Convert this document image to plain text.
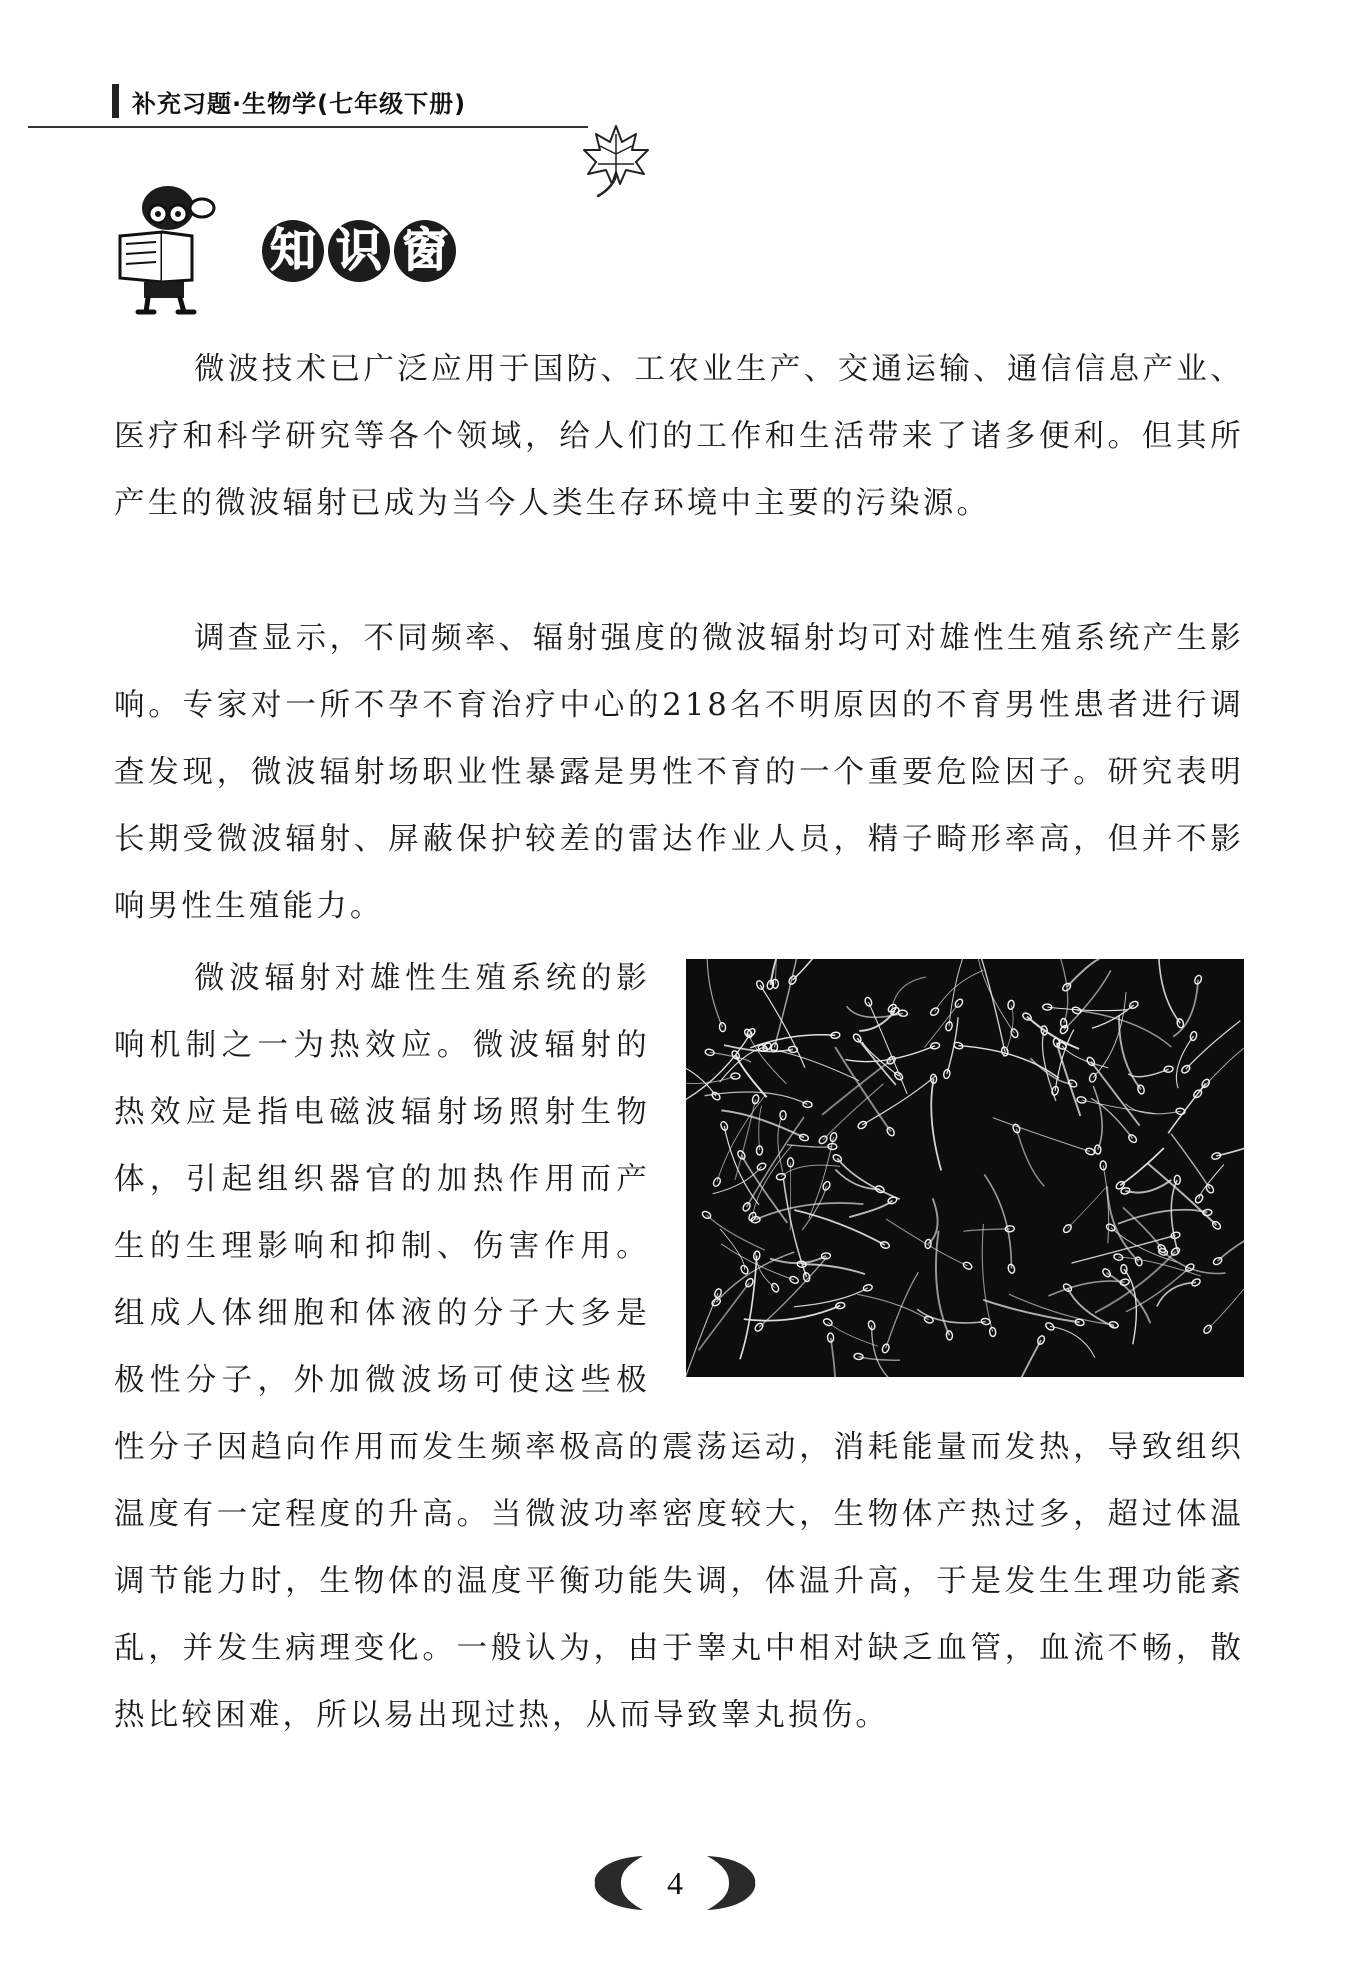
补充习题·生物学(七年级下册)
知 识 窗

微波技术已广泛应用于国防、工农业生产、交通运输、通信信息产业、医疗和科学研究等各个领域，给人们的工作和生活带来了诸多便利。但其所产生的微波辐射已成为当今人类生存环境中主要的污染源。

调查显示，不同频率、辐射强度的微波辐射均可对雄性生殖系统产生影响。专家对一所不孕不育治疗中心的218名不明原因的不育男性患者进行调查发现，微波辐射场职业性暴露是男性不育的一个重要危险因子。研究表明长期受微波辐射、屏蔽保护较差的雷达作业人员，精子畸形率高，但并不影响男性生殖能力。

微波辐射对雄性生殖系统的影响机制之一为热效应。微波辐射的热效应是指电磁波辐射场照射生物体，引起组织器官的加热作用而产生的生理影响和抑制、伤害作用。组成人体细胞和体液的分子大多是极性分子，外加微波场可使这些极性分子因趋向作用而发生频率极高的震荡运动，消耗能量而发热，导致组织温度有一定程度的升高。当微波功率密度较大，生物体产热过多，超过体温调节能力时，生物体的温度平衡功能失调，体温升高，于是发生生理功能紊乱，并发生病理变化。一般认为，由于睾丸中相对缺乏血管，血流不畅，散热比较困难，所以易出现过热，从而导致睾丸损伤。
4
